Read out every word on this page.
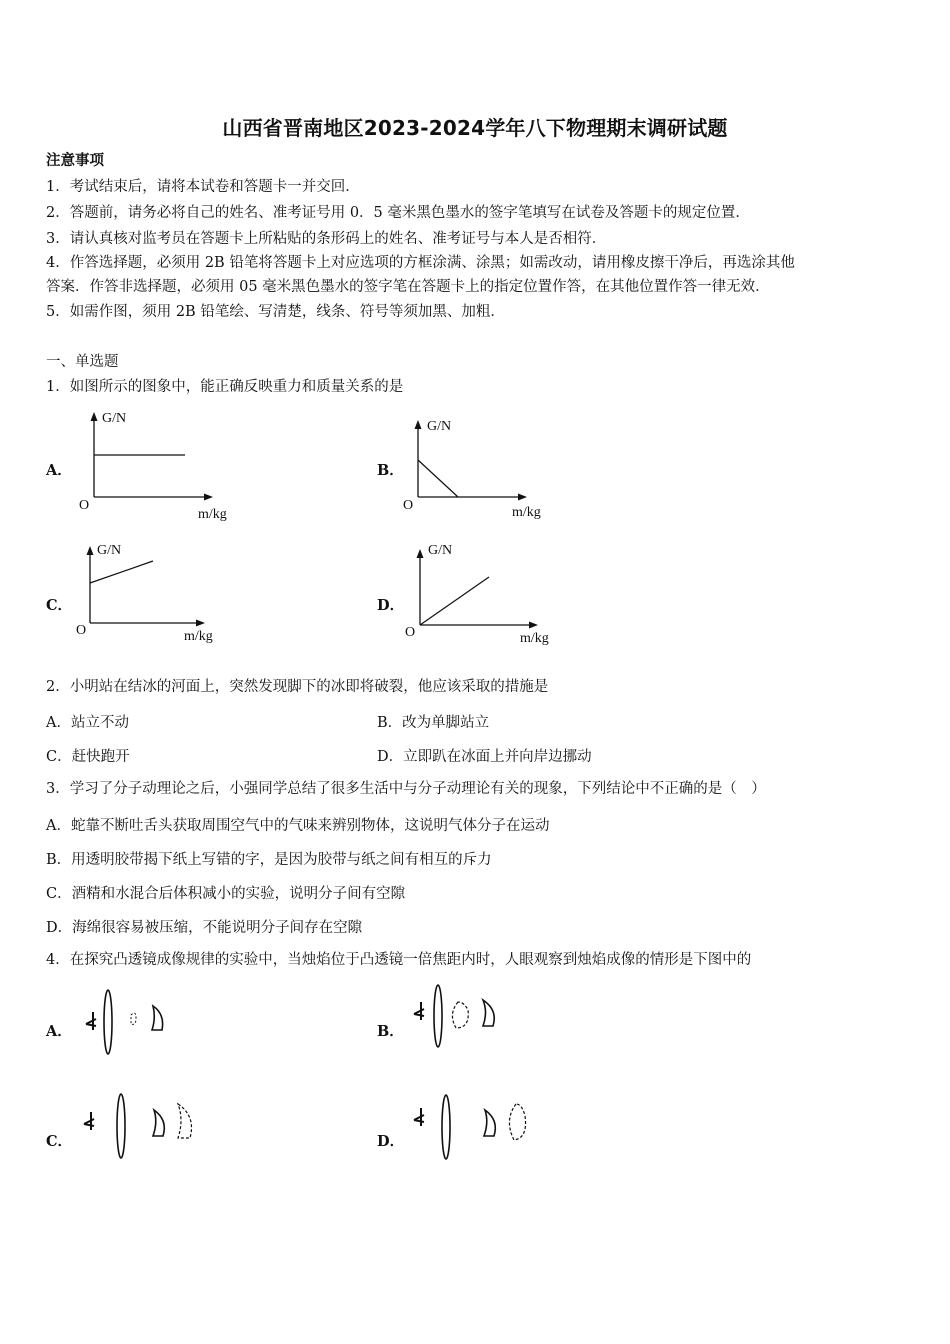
山西省晋南地区2023-2024学年八下物理期末调研试题
注意事项
1．考试结束后，请将本试卷和答题卡一并交回．
2．答题前，请务必将自己的姓名、准考证号用 0．5 毫米黑色墨水的签字笔填写在试卷及答题卡的规定位置．
3．请认真核对监考员在答题卡上所粘贴的条形码上的姓名、准考证号与本人是否相符．
4．作答选择题，必须用 2B 铅笔将答题卡上对应选项的方框涂满、涂黑；如需改动，请用橡皮擦干净后，再选涂其他
答案．作答非选择题，必须用 05 毫米黑色墨水的签字笔在答题卡上的指定位置作答，在其他位置作答一律无效．
5．如需作图，须用 2B 铅笔绘、写清楚，线条、符号等须加黑、加粗．
一、单选题
1．如图所示的图象中，能正确反映重力和质量关系的是
A．
G/N
O
m/kg
B．
G/N
O	m/kg
C．
G/N
O	m/kg
D．
G/N
O	m/kg
2．小明站在结冰的河面上，突然发现脚下的冰即将破裂，他应该采取的措施是
A．站立不动	B．改为单脚站立
C．赶快跑开	D．立即趴在冰面上并向岸边挪动
3．学习了分子动理论之后，小强同学总结了很多生活中与分子动理论有关的现象，下列结论中不正确的是（　）
A．蛇靠不断吐舌头获取周围空气中的气味来辨别物体，这说明气体分子在运动
B．用透明胶带揭下纸上写错的字，是因为胶带与纸之间有相互的斥力
C．酒精和水混合后体积减小的实验，说明分子间有空隙
D．海绵很容易被压缩，不能说明分子间存在空隙
4．在探究凸透镜成像规律的实验中，当烛焰位于凸透镜一倍焦距内时，人眼观察到烛焰成像的情形是下图中的
A．	B．
C．	D．
